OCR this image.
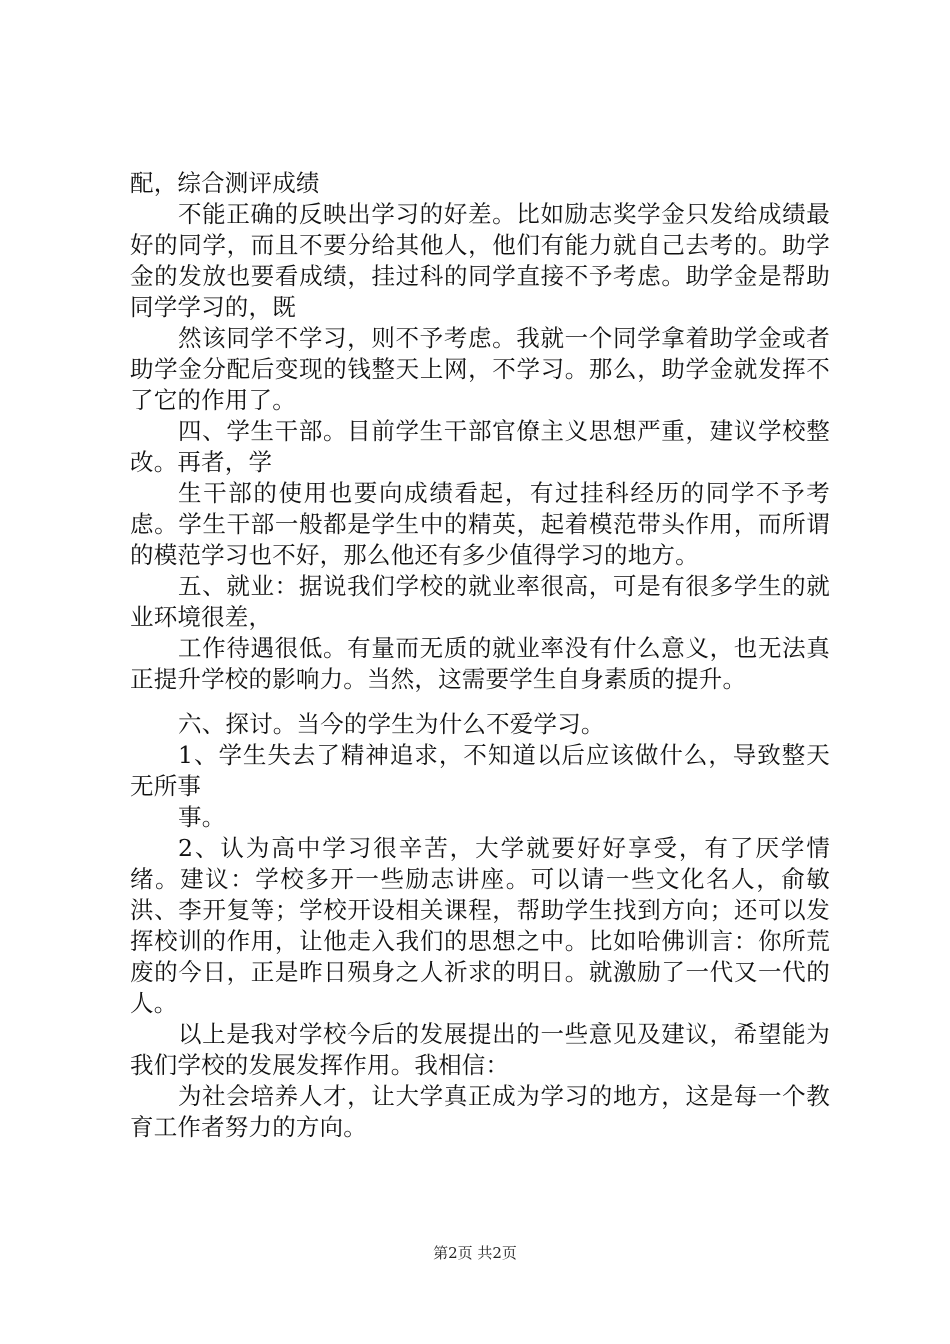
配，综合测评成绩

不能正确的反映出学习的好差。比如励志奖学金只发给成绩最好的同学，而且不要分给其他人，他们有能力就自己去考的。助学金的发放也要看成绩，挂过科的同学直接不予考虑。助学金是帮助同学学习的，既

然该同学不学习，则不予考虑。我就一个同学拿着助学金或者助学金分配后变现的钱整天上网，不学习。那么，助学金就发挥不了它的作用了。

四、学生干部。目前学生干部官僚主义思想严重，建议学校整改。再者，学

生干部的使用也要向成绩看起，有过挂科经历的同学不予考虑。学生干部一般都是学生中的精英，起着模范带头作用，而所谓的模范学习也不好，那么他还有多少值得学习的地方。

五、就业：据说我们学校的就业率很高，可是有很多学生的就业环境很差，

工作待遇很低。有量而无质的就业率没有什么意义，也无法真正提升学校的影响力。当然，这需要学生自身素质的提升。

六、探讨。当今的学生为什么不爱学习。

1、学生失去了精神追求，不知道以后应该做什么，导致整天无所事

事。

2、认为高中学习很辛苦，大学就要好好享受，有了厌学情绪。建议：学校多开一些励志讲座。可以请一些文化名人，俞敏洪、李开复等；学校开设相关课程，帮助学生找到方向；还可以发挥校训的作用，让他走入我们的思想之中。比如哈佛训言：你所荒废的今日，正是昨日殒身之人祈求的明日。就激励了一代又一代的人。

以上是我对学校今后的发展提出的一些意见及建议，希望能为我们学校的发展发挥作用。我相信：

为社会培养人才，让大学真正成为学习的地方，这是每一个教育工作者努力的方向。

第2页 共2页
